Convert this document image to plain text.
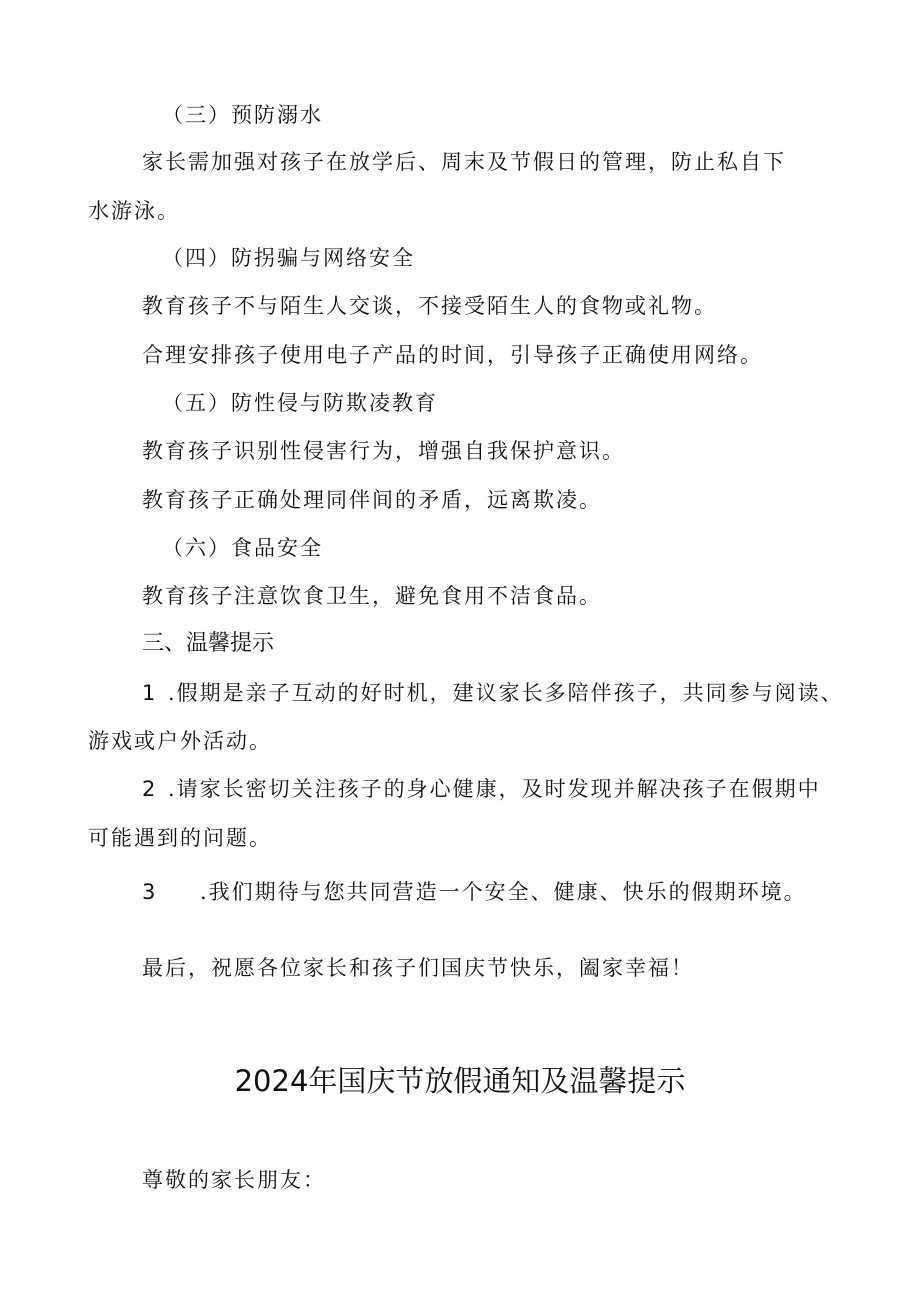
（三）预防溺水
家长需加强对孩子在放学后、周末及节假日的管理，防止私自下
水游泳。
（四）防拐骗与网络安全
教育孩子不与陌生人交谈，不接受陌生人的食物或礼物。
合理安排孩子使用电子产品的时间，引导孩子正确使用网络。
（五）防性侵与防欺凌教育
教育孩子识别性侵害行为，增强自我保护意识。
教育孩子正确处理同伴间的矛盾，远离欺凌。
（六）食品安全
教育孩子注意饮食卫生，避免食用不洁食品。
三、温馨提示
1 .假期是亲子互动的好时机，建议家长多陪伴孩子，共同参与阅读、
游戏或户外活动。
2 .请家长密切关注孩子的身心健康，及时发现并解决孩子在假期中
可能遇到的问题。
3 .我们期待与您共同营造一个安全、健康、快乐的假期环境。
最后，祝愿各位家长和孩子们国庆节快乐，阖家幸福！
2024年国庆节放假通知及温馨提示
尊敬的家长朋友：
